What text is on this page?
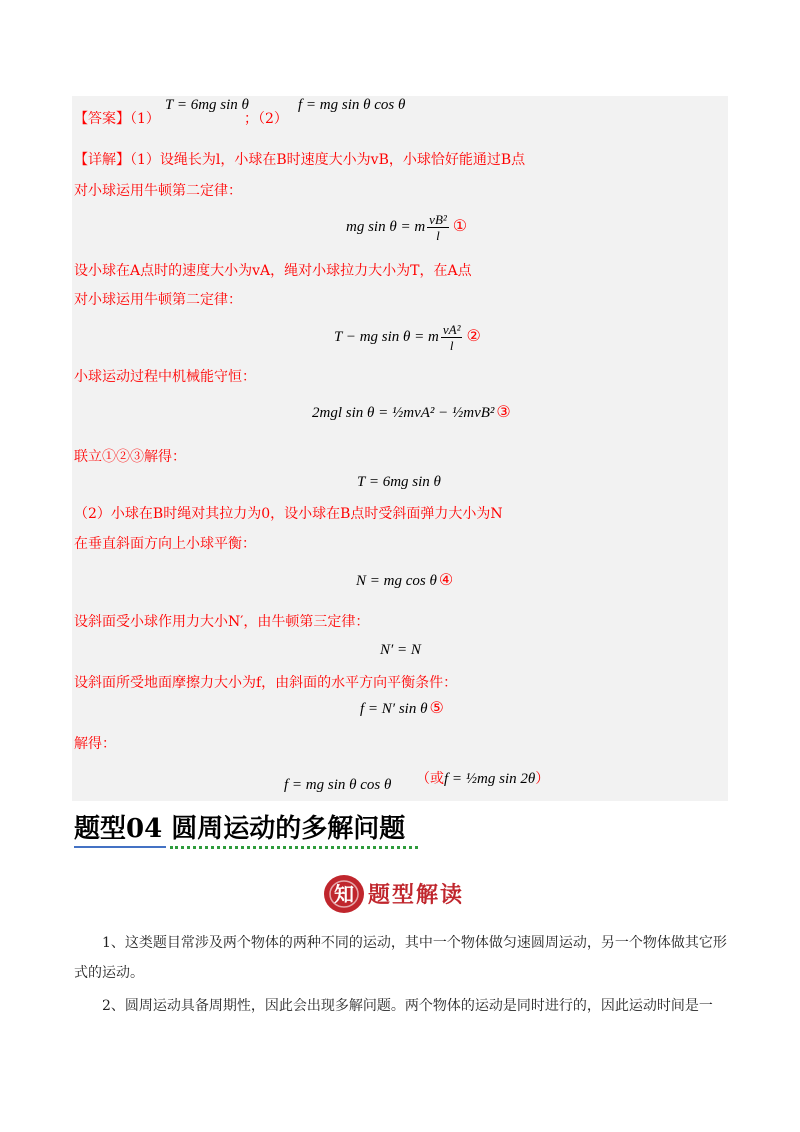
【答案】（1）
T = 6mg sin θ
；（2）
f = mg sin θ cos θ
【详解】（1）设绳长为l，小球在B时速度大小为vB，小球恰好能通过B点
对小球运用牛顿第二定律：
mg sin θ = m $\frac{\text{vB²}}{l}$ ①
设小球在A点时的速度大小为vA，绳对小球拉力大小为T，在A点
对小球运用牛顿第二定律：
T − mg sin θ = m $\frac{\text{vA²}}{l}$ ②
小球运动过程中机械能守恒：
2mgl sin θ = ½mvA² − ½mvB² ③
联立①②③解得：
T = 6mg sin θ
（2）小球在B时绳对其拉力为0，设小球在B点时受斜面弹力大小为N
在垂直斜面方向上小球平衡：
N = mg cos θ ④
设斜面受小球作用力大小N′，由牛顿第三定律：
N′ = N
设斜面所受地面摩擦力大小为f，由斜面的水平方向平衡条件：
f = N′ sin θ ⑤
解得：
f = mg sin θ cos θ （或f = ½mg sin 2θ）
题型04 圆周运动的多解问题
知 题型解读
1、这类题目常涉及两个物体的两种不同的运动，其中一个物体做匀速圆周运动，另一个物体做其它形式的运动。
2、圆周运动具备周期性，因此会出现多解问题。两个物体的运动是同时进行的，因此运动时间是一
